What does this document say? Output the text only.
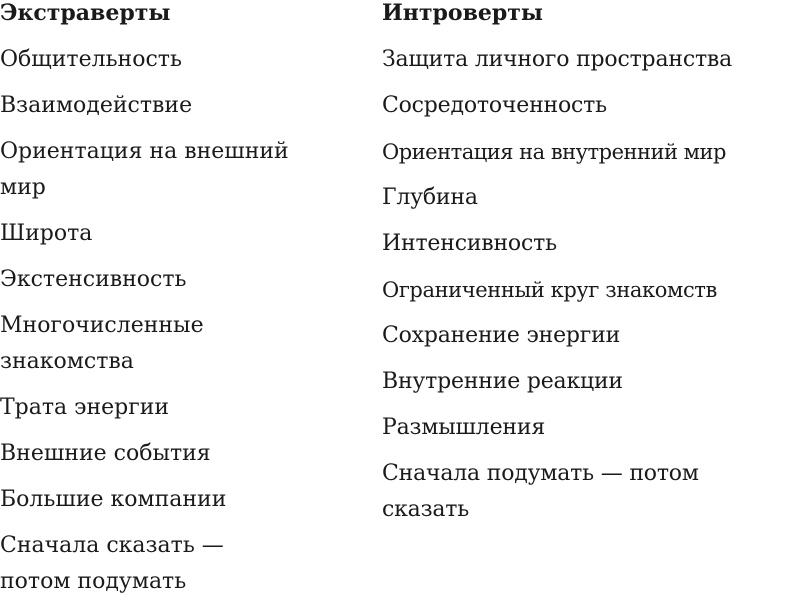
Экстраверты
Общительность
Взаимодействие
Ориентация на внешний мир
Широта
Экстенсивность
Многочисленные знакомства
Трата энергии
Внешние события
Большие компании
Сначала сказать — потом подумать
Интроверты
Защита личного пространства
Сосредоточенность
Ориентация на внутренний мир
Глубина
Интенсивность
Ограниченный круг знакомств
Сохранение энергии
Внутренние реакции
Размышления
Сначала подумать — потом сказать
